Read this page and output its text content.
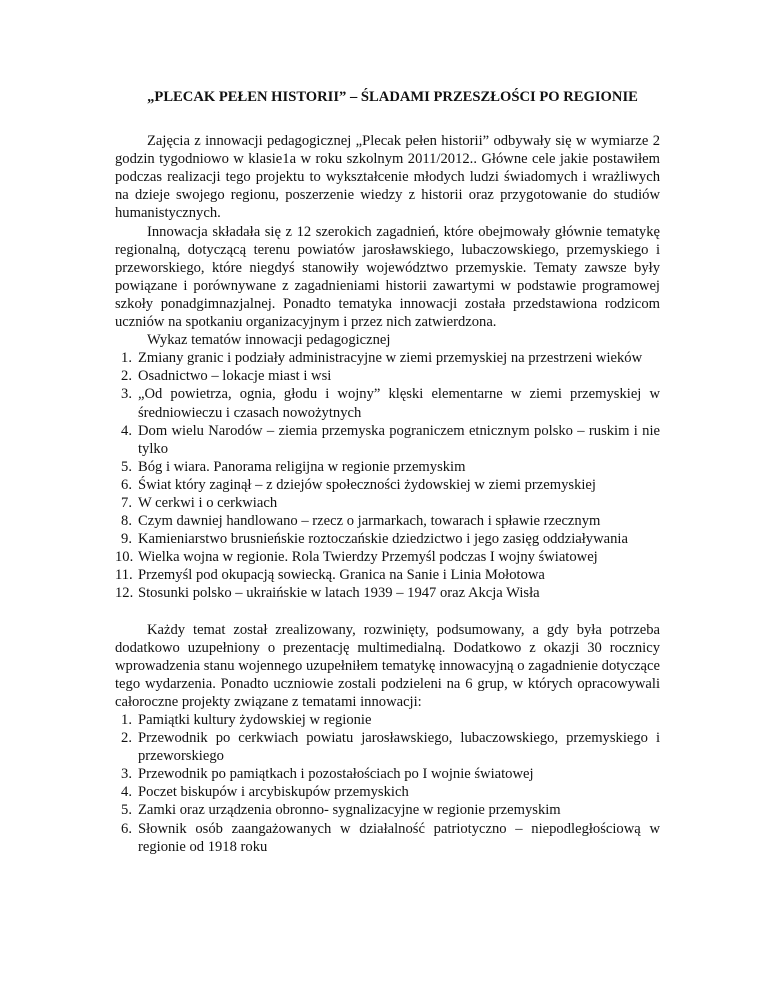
„PLECAK PEŁEN HISTORII” – ŚLADAMI PRZESZŁOŚCI PO REGIONIE

Zajęcia z innowacji pedagogicznej „Plecak pełen historii” odbywały się w wymiarze 2 godzin tygodniowo w klasie1a w roku szkolnym 2011/2012.. Główne cele jakie postawiłem podczas realizacji tego projektu to wykształcenie młodych ludzi świadomych i wrażliwych na dzieje swojego regionu, poszerzenie wiedzy z historii oraz przygotowanie do studiów humanistycznych.

Innowacja składała się z 12 szerokich zagadnień, które obejmowały głównie tematykę regionalną, dotyczącą terenu powiatów jarosławskiego, lubaczowskiego, przemyskiego i przeworskiego, które niegdyś stanowiły województwo przemyskie. Tematy zawsze były powiązane i porównywane z zagadnieniami historii zawartymi w podstawie programowej szkoły ponadgimnazjalnej. Ponadto tematyka innowacji została przedstawiona rodzicom uczniów na spotkaniu organizacyjnym i przez nich zatwierdzona.

Wykaz tematów innowacji pedagogicznej

1. Zmiany granic i podziały administracyjne w ziemi przemyskiej na przestrzeni wieków
2. Osadnictwo – lokacje miast i wsi
3. „Od powietrza, ognia, głodu i wojny” klęski elementarne w ziemi przemyskiej w średniowieczu i czasach nowożytnych
4. Dom wielu Narodów – ziemia przemyska pograniczem etnicznym polsko – ruskim i nie tylko
5. Bóg i wiara. Panorama religijna w regionie przemyskim
6. Świat który zaginął – z dziejów społeczności żydowskiej w ziemi przemyskiej
7. W cerkwi i o cerkwiach
8. Czym dawniej handlowano – rzecz o jarmarkach, towarach i spławie rzecznym
9. Kamieniarstwo brusnieńskie roztoczańskie dziedzictwo i jego zasięg oddziaływania
10. Wielka wojna w regionie. Rola Twierdzy Przemyśl podczas I wojny światowej
11. Przemyśl pod okupacją sowiecką. Granica na Sanie i Linia Mołotowa
12. Stosunki polsko – ukraińskie w latach 1939 – 1947 oraz Akcja Wisła

Każdy temat został zrealizowany, rozwinięty, podsumowany, a gdy była potrzeba dodatkowo uzupełniony o prezentację multimedialną. Dodatkowo z okazji 30 rocznicy wprowadzenia stanu wojennego uzupełniłem tematykę innowacyjną o zagadnienie dotyczące tego wydarzenia. Ponadto uczniowie zostali podzieleni na 6 grup, w których opracowywali całoroczne projekty związane z tematami innowacji:

1. Pamiątki kultury żydowskiej w regionie
2. Przewodnik po cerkwiach powiatu jarosławskiego, lubaczowskiego, przemyskiego i przeworskiego
3. Przewodnik po pamiątkach i pozostałościach po I wojnie światowej
4. Poczet biskupów i arcybiskupów przemyskich
5. Zamki oraz urządzenia obronno- sygnalizacyjne w regionie przemyskim
6. Słownik osób zaangażowanych w działalność patriotyczno – niepodległościową w regionie od 1918 roku
